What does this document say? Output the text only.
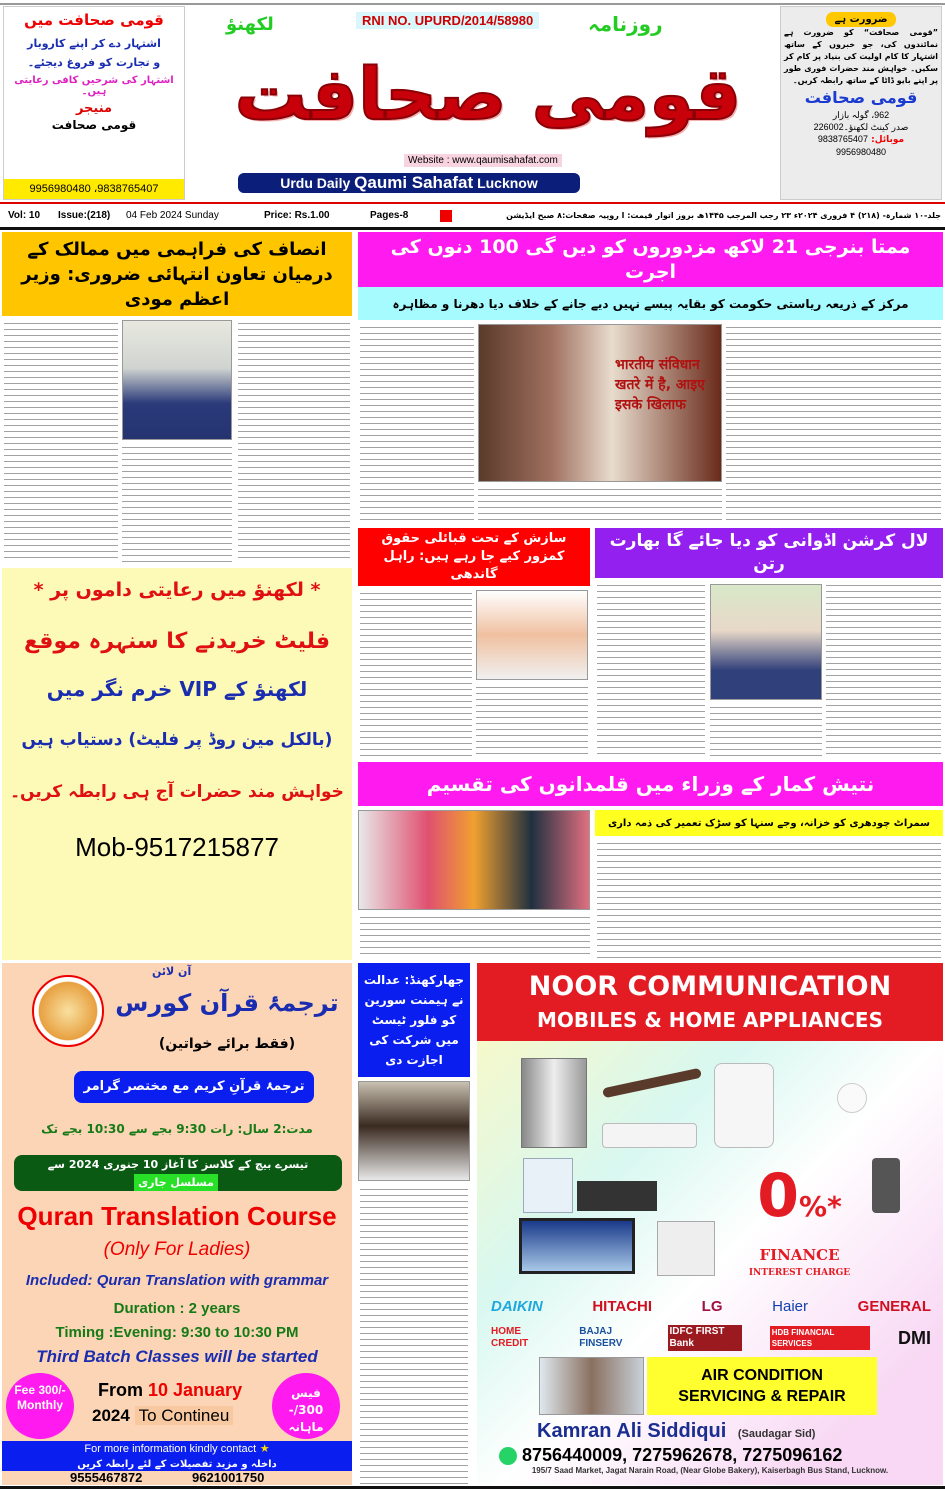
قومی صحافت میں
اشتہار دے کر اپنے کاروبار
و تجارت کو فروغ دیجئے۔
اشتہار کی شرحیں کافی رعایتی ہیں۔
منیجر
قومی صحافت
9956980480 ،9838765407
RNI NO. UPURD/2014/58980
لکھنؤ	روزنامہ
قومی صحافت
Website : www.qaumisahafat.com
Urdu Daily Qaumi Sahafat Lucknow
ضرورت ہے
”قومی صحافت“ کو ضرورت ہے نمائندوں کی، جو خبروں کے ساتھ اشتہار کا کام اولیت کی بنیاد پر کام کر سکیں۔ خواہش مند حضرات فوری طور پر اپنے بایو ڈاٹا کے ساتھ رابطہ کریں۔
قومی صحافت
962، گولہ بازار
صدر کینٹ لکھنؤ۔226002
موبائل: 9838765407
9956980480
Vol: 10 Issue:(218) 04 Feb 2024 Sunday	Price: Rs.1.00	Pages-8	جلد-۱۰ شمارہ- (۲۱۸) ۴ فروری ۲۰۲۴ء ۲۳ رجب المرجب ۱۴۴۵ھ بروز اتوار قیمت: ا روپیہ صفحات:۸ صبح ایڈیشن
انصاف کی فراہمی میں ممالک کے درمیان تعاون انتہائی ضروری: وزیر اعظم مودی
ممتا بنرجی 21 لاکھ مزدوروں کو دیں گی 100 دنوں کی اجرت
مرکز کے ذریعہ ریاستی حکومت کو بقایہ پیسے نہیں دیے جانے کے خلاف دیا دھرنا و مظاہرہ
भारतीय संविधान खतरे में है, आइए इसके खिलाफ
سازش کے تحت قبائلی حقوق کمزور کیے جا رہے ہیں: راہل گاندھی
لال کرشن اڈوانی کو دیا جائے گا بھارت رتن
* لکھنؤ میں رعایتی داموں پر *
فلیٹ خریدنے کا سنہرہ موقع
لکھنؤ کے VIP خرم نگر میں
(بالکل مین روڈ پر فلیٹ) دستیاب ہیں
خواہش مند حضرات آج ہی رابطہ کریں۔
Mob-9517215877
نتیش کمار کے وزراء میں قلمدانوں کی تقسیم
سمراٹ چودھری کو خزانہ، وجے سنہا کو سڑک تعمیر کی ذمہ داری
آن لائن
ترجمۂ قرآن کورس
(فقط برائے خواتین)
ترجمۂ قرآنِ کریم مع مختصر گرامر
مدت:2 سال: رات 9:30 بجے سے 10:30 بجے تک
تیسرے بیچ کے کلاسز کا آغاز 10 جنوری 2024 سے
مسلسل جاری
Quran Translation Course
(Only For Ladies)
Included: Quran Translation with grammar
Duration : 2 years
Timing :Evening: 9:30 to 10:30 PM
Third Batch Classes will be started
Fee 300/- Monthly
From 10 January
2024 To Contineu
فیس 300/- ماہانہ
For more information kindly contact ★
داخلہ و مزید تفصیلات کے لئے رابطہ کریں
9555467872	9621001750
جھارکھنڈ: عدالت نے ہیمنت سورین کو فلور ٹیسٹ میں شرکت کی اجازت دی
NOOR COMMUNICATION
MOBILES & HOME APPLIANCES
0%*
FINANCE
INTEREST CHARGE
DAIKIN	HITACHI	LG	Haier	GENERAL
HOME CREDIT
BAJAJ FINSERV
IDFC FIRST Bank
HDB FINANCIAL SERVICES	DMI
AIR CONDITION SERVICING & REPAIR
Kamran Ali Siddiqui (Saudagar Sid)
8756440009, 7275962678, 7275096162
195/7 Saad Market, Jagat Narain Road, (Near Globe Bakery), Kaiserbagh Bus Stand, Lucknow.
